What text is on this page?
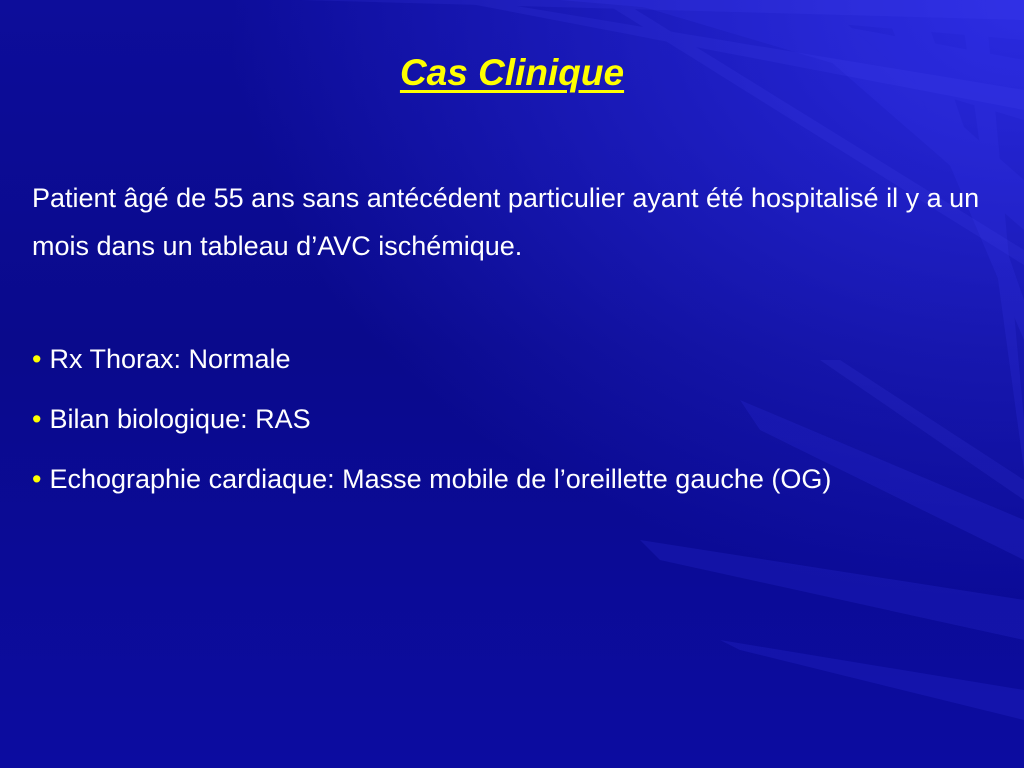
Cas Clinique

Patient âgé de 55 ans sans antécédent particulier ayant été hospitalisé il y a un mois dans un tableau d’AVC ischémique.

• Rx Thorax: Normale
• Bilan biologique: RAS
• Echographie cardiaque: Masse mobile de l’oreillette gauche (OG)
